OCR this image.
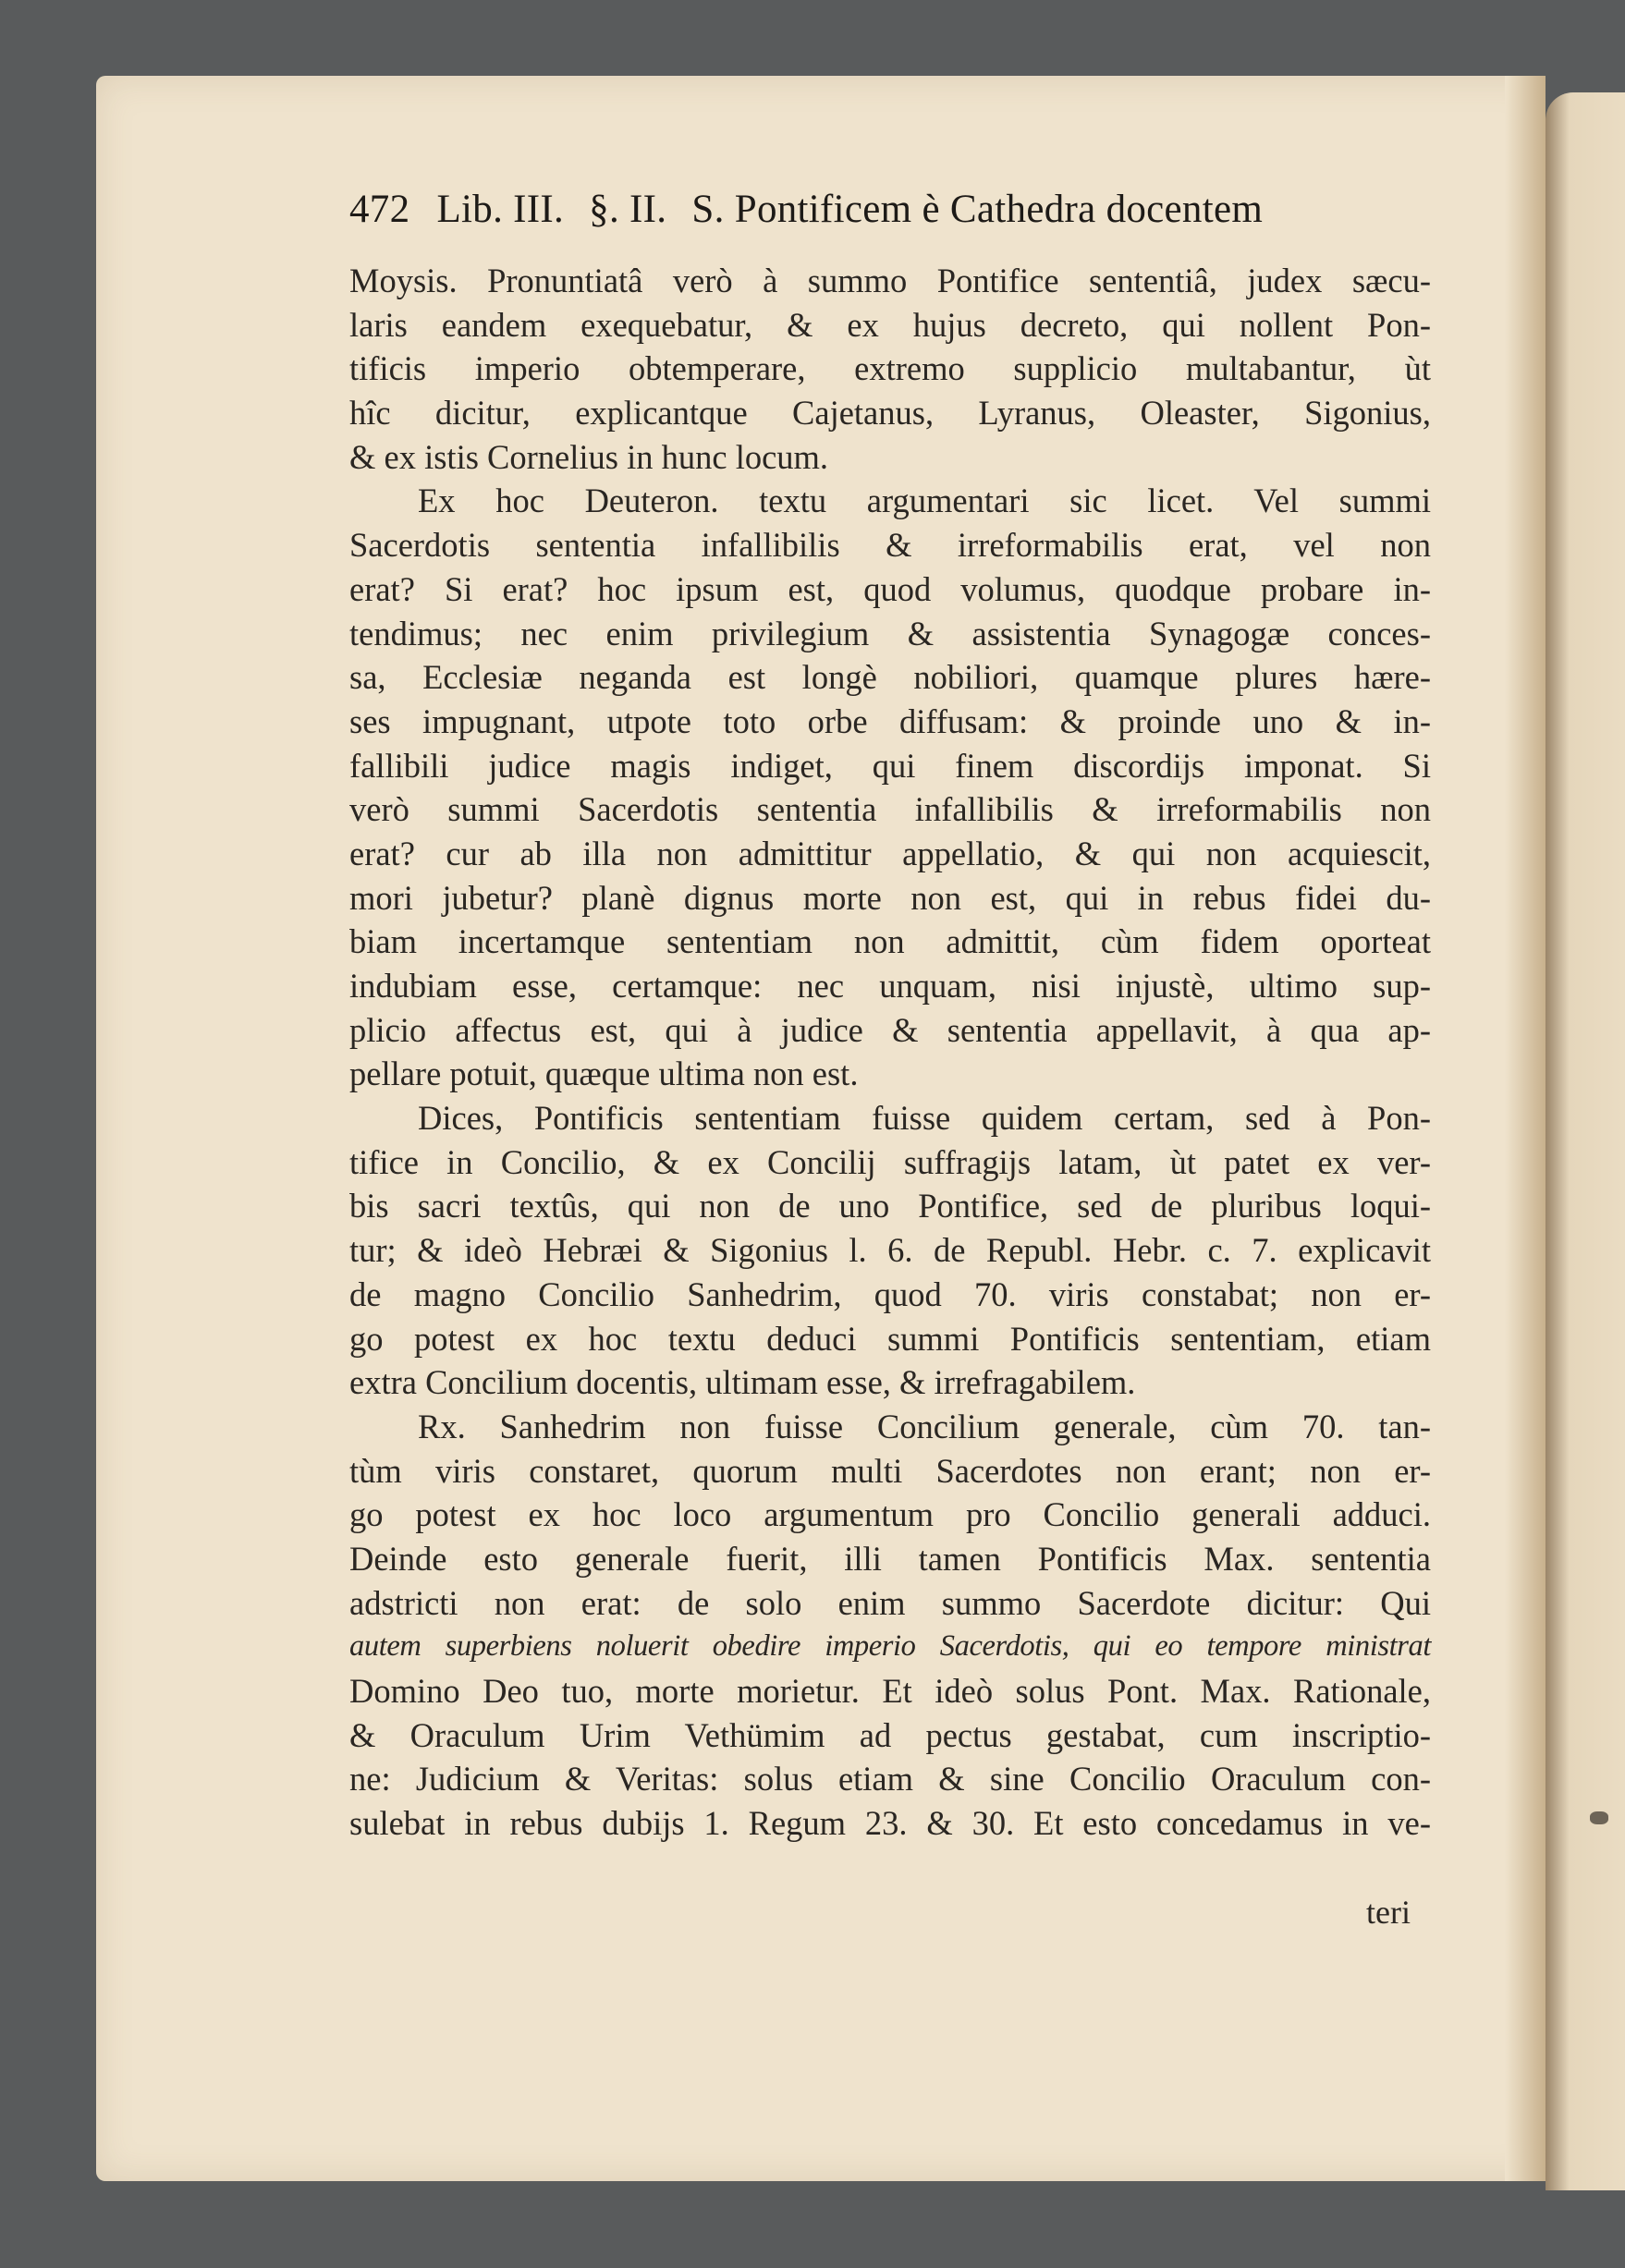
472 Lib. III. §. II. S. Pontificem è Cathedra docentem
Moysis. Pronuntiatâ verò à summo Pontifice sententiâ, judex sæcu-
laris eandem exequebatur, & ex hujus decreto, qui nollent Pon-
tificis imperio obtemperare, extremo supplicio multabantur, ùt
hîc dicitur, explicantque Cajetanus, Lyranus, Oleaster, Sigonius,
& ex istis Cornelius in hunc locum.
Ex hoc Deuteron. textu argumentari sic licet. Vel summi
Sacerdotis sententia infallibilis & irreformabilis erat, vel non
erat? Si erat? hoc ipsum est, quod volumus, quodque probare in-
tendimus; nec enim privilegium & assistentia Synagogæ conces-
sa, Ecclesiæ neganda est longè nobiliori, quamque plures hære-
ses impugnant, utpote toto orbe diffusam: & proinde uno & in-
fallibili judice magis indiget, qui finem discordijs imponat. Si
verò summi Sacerdotis sententia infallibilis & irreformabilis non
erat? cur ab illa non admittitur appellatio, & qui non acquiescit,
mori jubetur? planè dignus morte non est, qui in rebus fidei du-
biam incertamque sententiam non admittit, cùm fidem oporteat
indubiam esse, certamque: nec unquam, nisi injustè, ultimo sup-
plicio affectus est, qui à judice & sententia appellavit, à qua ap-
pellare potuit, quæque ultima non est.
Dices, Pontificis sententiam fuisse quidem certam, sed à Pon-
tifice in Concilio, & ex Concilij suffragijs latam, ùt patet ex ver-
bis sacri textûs, qui non de uno Pontifice, sed de pluribus loqui-
tur; & ideò Hebræi & Sigonius l. 6. de Republ. Hebr. c. 7. explicavit
de magno Concilio Sanhedrim, quod 70. viris constabat; non er-
go potest ex hoc textu deduci summi Pontificis sententiam, etiam
extra Concilium docentis, ultimam esse, & irrefragabilem.
Rx. Sanhedrim non fuisse Concilium generale, cùm 70. tan-
tùm viris constaret, quorum multi Sacerdotes non erant; non er-
go potest ex hoc loco argumentum pro Concilio generali adduci.
Deinde esto generale fuerit, illi tamen Pontificis Max. sententia
adstricti non erat: de solo enim summo Sacerdote dicitur: Qui
autem superbiens noluerit obedire imperio Sacerdotis, qui eo tempore ministrat
Domino Deo tuo, morte morietur. Et ideò solus Pont. Max. Rationale,
& Oraculum Urim Vethümim ad pectus gestabat, cum inscriptio-
ne: Judicium & Veritas: solus etiam & sine Concilio Oraculum con-
sulebat in rebus dubijs 1. Regum 23. & 30. Et esto concedamus in ve-
teri
